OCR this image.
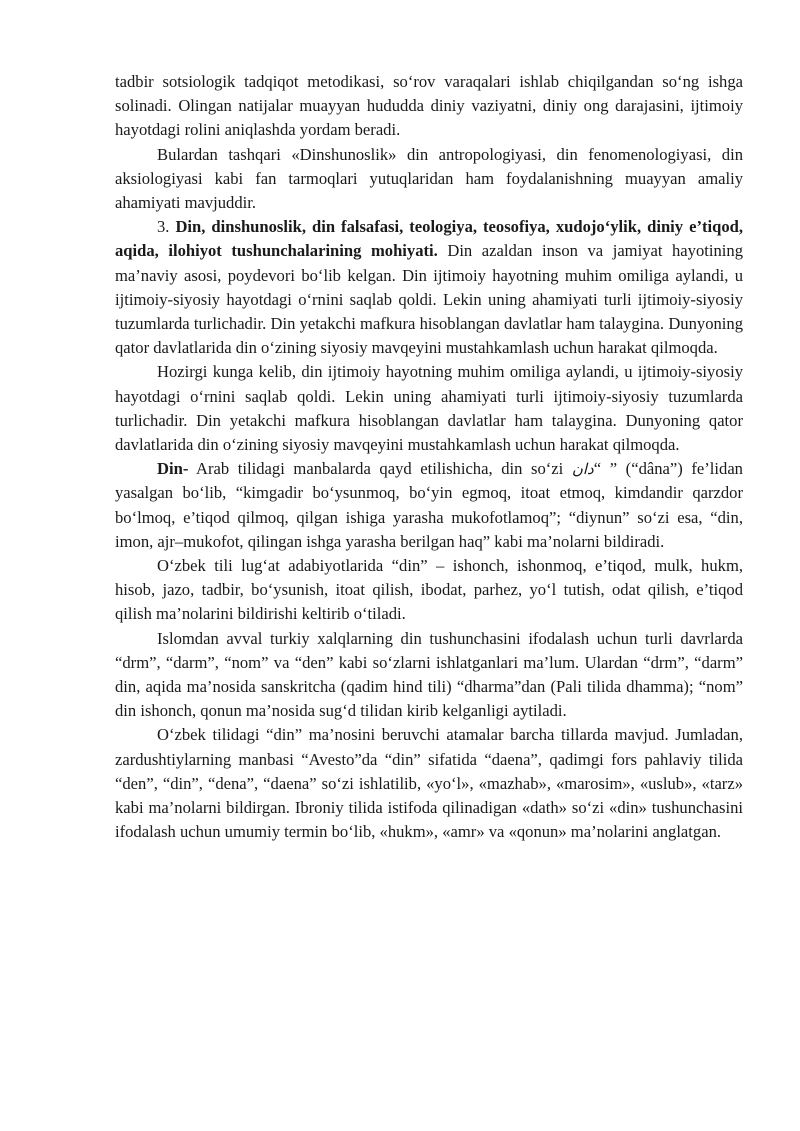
tadbir sotsiologik tadqiqot metodikasi, so‘rov varaqalari ishlab chiqilgandan so‘ng ishga solinadi. Olingan natijalar muayyan hududda diniy vaziyatni, diniy ong darajasini, ijtimoiy hayotdagi rolini aniqlashda yordam beradi.

Bulardan tashqari «Dinshunoslik» din antropologiyasi, din fenomenologiyasi, din aksiologiyasi kabi fan tarmoqlari yutuqlaridan ham foydalanishning muayyan amaliy ahamiyati mavjuddir.

3. Din, dinshunoslik, din falsafasi, teologiya, teosofiya, xudojo‘ylik, diniy e’tiqod, aqida, ilohiyot tushunchalarining mohiyati. Din azaldan inson va jamiyat hayotining ma’naviy asosi, poydevori bo‘lib kelgan. Din ijtimoiy hayotning muhim omiliga aylandi, u ijtimoiy-siyosiy hayotdagi o‘rnini saqlab qoldi. Lekin uning ahamiyati turli ijtimoiy-siyosiy tuzumlarda turlichadir. Din yetakchi mafkura hisoblangan davlatlar ham talaygina. Dunyoning qator davlatlarida din o‘zining siyosiy mavqeyini mustahkamlash uchun harakat qilmoqda.

Hozirgi kunga kelib, din ijtimoiy hayotning muhim omiliga aylandi, u ijtimoiy-siyosiy hayotdagi o‘rnini saqlab qoldi. Lekin uning ahamiyati turli ijtimoiy-siyosiy tuzumlarda turlichadir. Din yetakchi mafkura hisoblangan davlatlar ham talaygina. Dunyoning qator davlatlarida din o‘zining siyosiy mavqeyini mustahkamlash uchun harakat qilmoqda.

Din- Arab tilidagi manbalarda qayd etilishicha, din so‘zi دان“ ” (“dâna”) fe’lidan yasalgan bo‘lib, “kimgadir bo‘ysunmoq, bo‘yin egmoq, itoat etmoq, kimdandir qarzdor bo‘lmoq, e’tiqod qilmoq, qilgan ishiga yarasha mukofotlamoq”; “diynun” so‘zi esa, “din, imon, ajr–mukofot, qilingan ishga yarasha berilgan haq” kabi ma’nolarni bildiradi.

O‘zbek tili lug‘at adabiyotlarida “din” – ishonch, ishonmoq, e’tiqod, mulk, hukm, hisob, jazo, tadbir, bo‘ysunish, itoat qilish, ibodat, parhez, yo‘l tutish, odat qilish, e’tiqod qilish ma’nolarini bildirishi keltirib o‘tiladi.

Islomdan avval turkiy xalqlarning din tushunchasini ifodalash uchun turli davrlarda “drm”, “darm”, “nom” va “den” kabi so‘zlarni ishlatganlari ma’lum. Ulardan “drm”, “darm” din, aqida ma’nosida sanskritcha (qadim hind tili) “dharma”dan (Pali tilida dhamma); “nom” din ishonch, qonun ma’nosida sug‘d tilidan kirib kelganligi aytiladi.

O‘zbek tilidagi “din” ma’nosini beruvchi atamalar barcha tillarda mavjud. Jumladan, zardushtiylarning manbasi “Avesto”da “din” sifatida “daena”, qadimgi fors pahlaviy tilida “den”, “din”, “dena”, “daena” so‘zi ishlatilib, «yo‘l», «mazhab», «marosim», «uslub», «tarz» kabi ma’nolarni bildirgan. Ibroniy tilida istifoda qilinadigan «dath» so‘zi «din» tushunchasini ifodalash uchun umumiy termin bo‘lib, «hukm», «amr» va «qonun» ma’nolarini anglatgan.
